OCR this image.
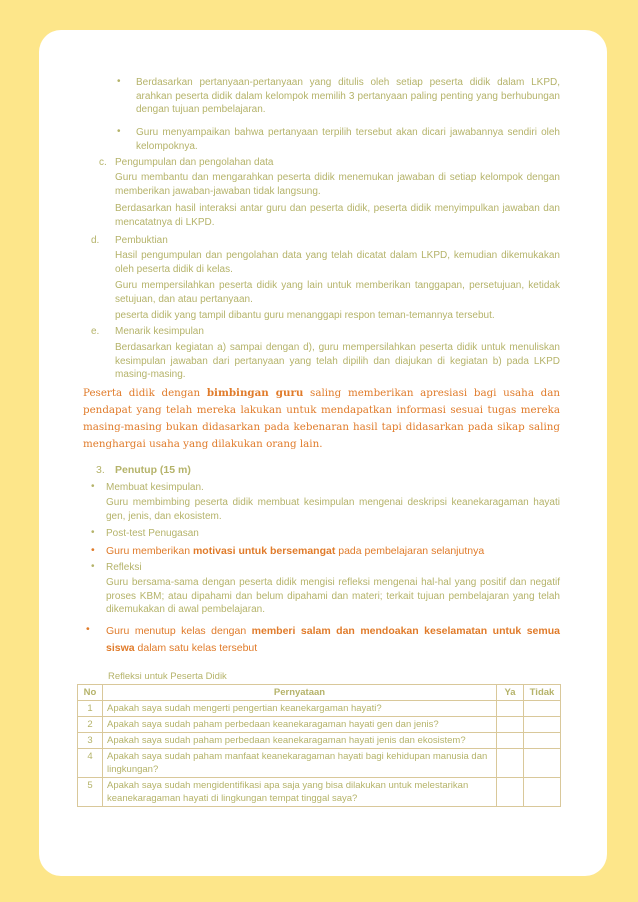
• Berdasarkan pertanyaan-pertanyaan yang ditulis oleh setiap peserta didik dalam LKPD, arahkan peserta didik dalam kelompok memilih 3 pertanyaan paling penting yang berhubungan dengan tujuan pembelajaran.
• Guru menyampaikan bahwa pertanyaan terpilih tersebut akan dicari jawabannya sendiri oleh kelompoknya.
c. Pengumpulan dan pengolahan data
Guru membantu dan mengarahkan peserta didik menemukan jawaban di setiap kelompok dengan memberikan jawaban-jawaban tidak langsung.
Berdasarkan hasil interaksi antar guru dan peserta didik, peserta didik menyimpulkan jawaban dan mencatatnya di LKPD.
d. Pembuktian
Hasil pengumpulan dan pengolahan data yang telah dicatat dalam LKPD, kemudian dikemukakan oleh peserta didik di kelas.
Guru mempersilahkan peserta didik yang lain untuk memberikan tanggapan, persetujuan, ketidak setujuan, dan atau pertanyaan.
peserta didik yang tampil dibantu guru menanggapi respon teman-temannya tersebut.
e. Menarik kesimpulan
Berdasarkan kegiatan a) sampai dengan d), guru mempersilahkan peserta didik untuk menuliskan kesimpulan jawaban dari pertanyaan yang telah dipilih dan diajukan di kegiatan b) pada LKPD masing-masing.
Peserta didik dengan bimbingan guru saling memberikan apresiasi bagi usaha dan pendapat yang telah mereka lakukan untuk mendapatkan informasi sesuai tugas mereka masing-masing bukan didasarkan pada kebenaran hasil tapi didasarkan pada sikap saling menghargai usaha yang dilakukan orang lain.
3. Penutup (15 m)
• Membuat kesimpulan.
Guru membimbing peserta didik membuat kesimpulan mengenai deskripsi keanekaragaman hayati gen, jenis, dan ekosistem.
• Post-test Penugasan
• Guru memberikan motivasi untuk bersemangat pada pembelajaran selanjutnya
• Refleksi
Guru bersama-sama dengan peserta didik mengisi refleksi mengenai hal-hal yang positif dan negatif proses KBM; atau dipahami dan belum dipahami dan materi; terkait tujuan pembelajaran yang telah dikemukakan di awal pembelajaran.
• Guru menutup kelas dengan memberi salam dan mendoakan keselamatan untuk semua siswa dalam satu kelas tersebut
Refleksi untuk Peserta Didik
No	Pernyataan	Ya	Tidak
1	Apakah saya sudah mengerti pengertian keanekargaman hayati?		
2	Apakah saya sudah paham perbedaan keanekaragaman hayati gen dan jenis?		
3	Apakah saya sudah paham perbedaan keanekaragaman hayati jenis dan ekosistem?		
4	Apakah saya sudah paham manfaat keanekaragaman hayati bagi kehidupan manusia dan lingkungan?		
5	Apakah saya sudah mengidentifikasi apa saja yang bisa dilakukan untuk melestarikan keanekaragaman hayati di lingkungan tempat tinggal saya?		
